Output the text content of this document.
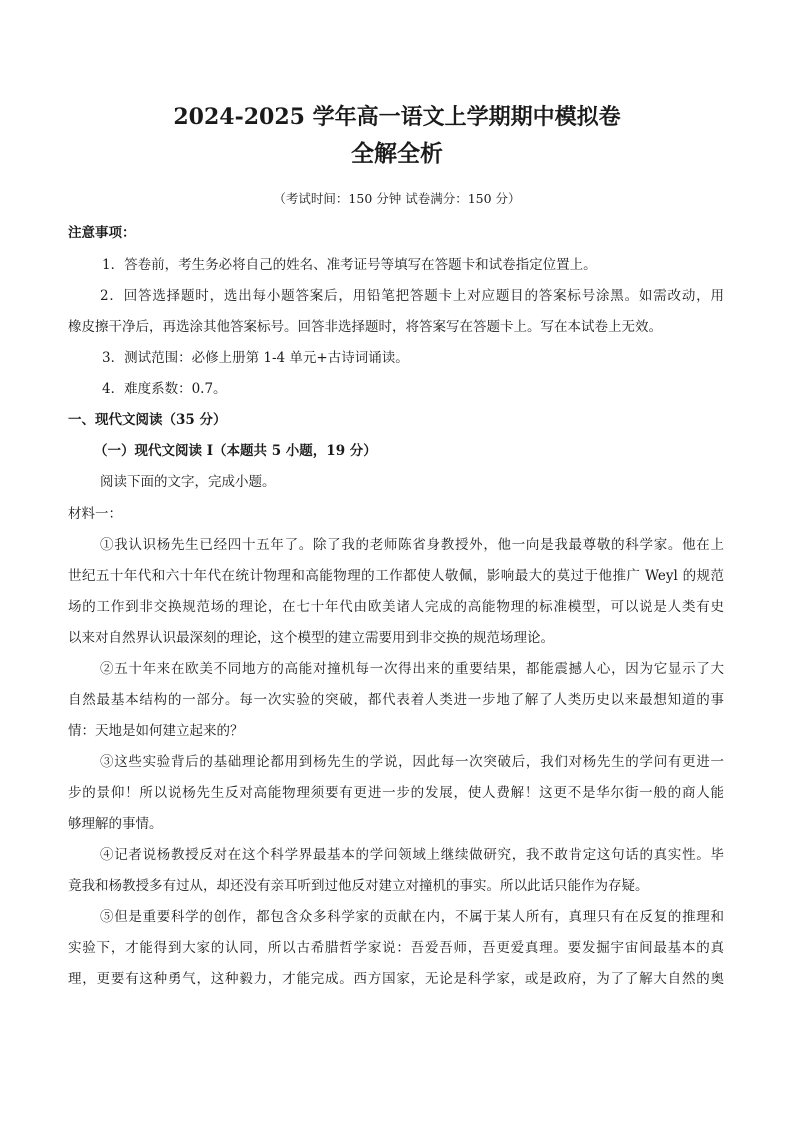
2024-2025 学年高一语文上学期期中模拟卷
全解全析
（考试时间：150 分钟 试卷满分：150 分）
注意事项：
1．答卷前，考生务必将自己的姓名、准考证号等填写在答题卡和试卷指定位置上。
2．回答选择题时，选出每小题答案后，用铅笔把答题卡上对应题目的答案标号涂黑。如需改动，用
橡皮擦干净后，再选涂其他答案标号。回答非选择题时，将答案写在答题卡上。写在本试卷上无效。
3．测试范围：必修上册第 1-4 单元+古诗词诵读。
4．难度系数：0.7。
一、现代文阅读（35 分）
（一）现代文阅读 I（本题共 5 小题，19 分）
阅读下面的文字，完成小题。
材料一：
①我认识杨先生已经四十五年了。除了我的老师陈省身教授外，他一向是我最尊敬的科学家。他在上
世纪五十年代和六十年代在统计物理和高能物理的工作都使人敬佩，影响最大的莫过于他推广 Weyl 的规范
场的工作到非交换规范场的理论，在七十年代由欧美诸人完成的高能物理的标准模型，可以说是人类有史
以来对自然界认识最深刻的理论，这个模型的建立需要用到非交换的规范场理论。
②五十年来在欧美不同地方的高能对撞机每一次得出来的重要结果，都能震撼人心，因为它显示了大
自然最基本结构的一部分。每一次实验的突破，都代表着人类进一步地了解了人类历史以来最想知道的事
情：天地是如何建立起来的？
③这些实验背后的基础理论都用到杨先生的学说，因此每一次突破后，我们对杨先生的学问有更进一
步的景仰！所以说杨先生反对高能物理须要有更进一步的发展，使人费解！这更不是华尔街一般的商人能
够理解的事情。
④记者说杨教授反对在这个科学界最基本的学问领域上继续做研究，我不敢肯定这句话的真实性。毕
竟我和杨教授多有过从，却还没有亲耳听到过他反对建立对撞机的事实。所以此话只能作为存疑。
⑤但是重要科学的创作，都包含众多科学家的贡献在内，不属于某人所有，真理只有在反复的推理和
实验下，才能得到大家的认同，所以古希腊哲学家说：吾爱吾师，吾更爱真理。要发掘宇宙间最基本的真
理，更要有这种勇气，这种毅力，才能完成。西方国家，无论是科学家，或是政府，为了了解大自然的奥
